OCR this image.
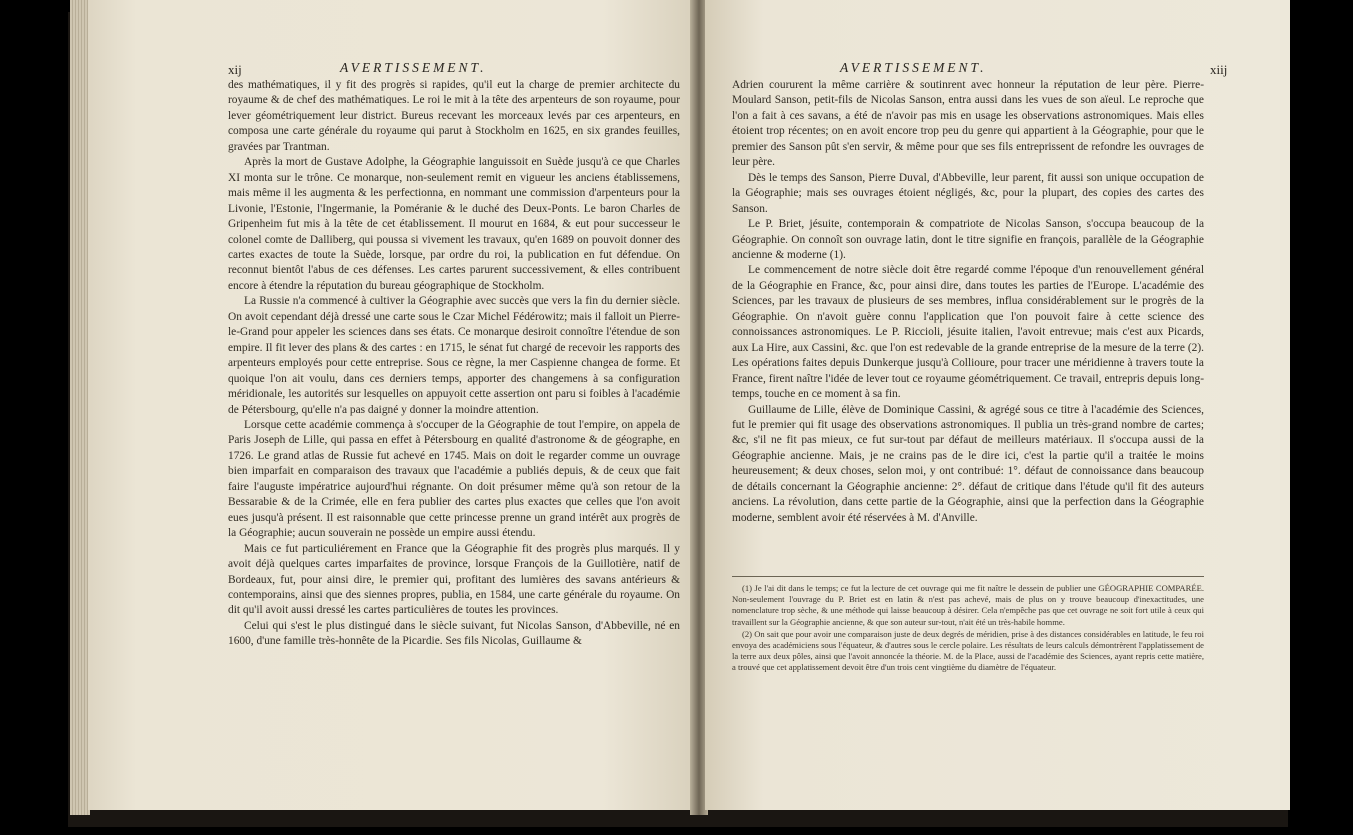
xij	AVERTISSEMENT.

des mathématiques, il y fit des progrès si rapides, qu'il eut la charge de premier architecte du royaume & de chef des mathématiques. Le roi le mit à la tête des arpenteurs de son royaume, pour lever géométriquement leur district. Bureus recevant les morceaux levés par ces arpenteurs, en composa une carte générale du royaume qui parut à Stockholm en 1625, en six grandes feuilles, gravées par Trantman.

Après la mort de Gustave Adolphe, la Géographie languissoit en Suède jusqu'à ce que Charles XI monta sur le trône. Ce monarque, non-seulement remit en vigueur les anciens établissemens, mais même il les augmenta & les perfectionna, en nommant une commission d'arpenteurs pour la Livonie, l'Estonie, l'Ingermanie, la Poméranie & le duché des Deux-Ponts. Le baron Charles de Gripenheim fut mis à la tête de cet établissement. Il mourut en 1684, & eut pour successeur le colonel comte de Dalliberg, qui poussa si vivement les travaux, qu'en 1689 on pouvoit donner des cartes exactes de toute la Suède, lorsque, par ordre du roi, la publication en fut défendue. On reconnut bientôt l'abus de ces défenses. Les cartes parurent successivement, & elles contribuent encore à étendre la réputation du bureau géographique de Stockholm.

La Russie n'a commencé à cultiver la Géographie avec succès que vers la fin du dernier siècle. On avoit cependant déjà dressé une carte sous le Czar Michel Fédérowitz; mais il falloit un Pierre-le-Grand pour appeler les sciences dans ses états. Ce monarque desiroit connoître l'étendue de son empire. Il fit lever des plans & des cartes : en 1715, le sénat fut chargé de recevoir les rapports des arpenteurs employés pour cette entreprise. Sous ce règne, la mer Caspienne changea de forme. Et quoique l'on ait voulu, dans ces derniers temps, apporter des changemens à sa configuration méridionale, les autorités sur lesquelles on appuyoit cette assertion ont paru si foibles à l'académie de Pétersbourg, qu'elle n'a pas daigné y donner la moindre attention.

Lorsque cette académie commença à s'occuper de la Géographie de tout l'empire, on appela de Paris Joseph de Lille, qui passa en effet à Pétersbourg en qualité d'astronome & de géographe, en 1726. Le grand atlas de Russie fut achevé en 1745. Mais on doit le regarder comme un ouvrage bien imparfait en comparaison des travaux que l'académie a publiés depuis, & de ceux que fait faire l'auguste impératrice aujourd'hui régnante. On doit présumer même qu'à son retour de la Bessarabie & de la Crimée, elle en fera publier des cartes plus exactes que celles que l'on avoit eues jusqu'à présent. Il est raisonnable que cette princesse prenne un grand intérêt aux progrès de la Géographie; aucun souverain ne possède un empire aussi étendu.

Mais ce fut particuliérement en France que la Géographie fit des progrès plus marqués. Il y avoit déjà quelques cartes imparfaites de province, lorsque François de la Guillotière, natif de Bordeaux, fut, pour ainsi dire, le premier qui, profitant des lumières des savans antérieurs & contemporains, ainsi que des siennes propres, publia, en 1584, une carte générale du royaume. On dit qu'il avoit aussi dressé les cartes particulières de toutes les provinces.

Celui qui s'est le plus distingué dans le siècle suivant, fut Nicolas Sanson, d'Abbeville, né en 1600, d'une famille très-honnête de la Picardie. Ses fils Nicolas, Guillaume &

AVERTISSEMENT.	xiij

Adrien coururent la même carrière & soutinrent avec honneur la réputation de leur père. Pierre-Moulard Sanson, petit-fils de Nicolas Sanson, entra aussi dans les vues de son aïeul. Le reproche que l'on a fait à ces savans, a été de n'avoir pas mis en usage les observations astronomiques. Mais elles étoient trop récentes; on en avoit encore trop peu du genre qui appartient à la Géographie, pour que le premier des Sanson pût s'en servir, & même pour que ses fils entreprissent de refondre les ouvrages de leur père.

Dès le temps des Sanson, Pierre Duval, d'Abbeville, leur parent, fit aussi son unique occupation de la Géographie; mais ses ouvrages étoient négligés, &c, pour la plupart, des copies des cartes des Sanson.

Le P. Briet, jésuite, contemporain & compatriote de Nicolas Sanson, s'occupa beaucoup de la Géographie. On connoît son ouvrage latin, dont le titre signifie en françois, parallèle de la Géographie ancienne & moderne (1).

Le commencement de notre siècle doit être regardé comme l'époque d'un renouvellement général de la Géographie en France, &c, pour ainsi dire, dans toutes les parties de l'Europe. L'académie des Sciences, par les travaux de plusieurs de ses membres, influa considérablement sur le progrès de la Géographie. On n'avoit guère connu l'application que l'on pouvoit faire à cette science des connoissances astronomiques. Le P. Riccioli, jésuite italien, l'avoit entrevue; mais c'est aux Picards, aux La Hire, aux Cassini, &c. que l'on est redevable de la grande entreprise de la mesure de la terre (2). Les opérations faites depuis Dunkerque jusqu'à Collioure, pour tracer une méridienne à travers toute la France, firent naître l'idée de lever tout ce royaume géométriquement. Ce travail, entrepris depuis long-temps, touche en ce moment à sa fin.

Guillaume de Lille, élève de Dominique Cassini, & agrégé sous ce titre à l'académie des Sciences, fut le premier qui fit usage des observations astronomiques. Il publia un très-grand nombre de cartes; &c, s'il ne fit pas mieux, ce fut sur-tout par défaut de meilleurs matériaux. Il s'occupa aussi de la Géographie ancienne. Mais, je ne crains pas de le dire ici, c'est la partie qu'il a traitée le moins heureusement; & deux choses, selon moi, y ont contribué: 1°. défaut de connoissance dans beaucoup de détails concernant la Géographie ancienne: 2°. défaut de critique dans l'étude qu'il fit des auteurs anciens. La révolution, dans cette partie de la Géographie, ainsi que la perfection dans la Géographie moderne, semblent avoir été réservées à M. d'Anville.

(1) Je l'ai dit dans le temps; ce fut la lecture de cet ouvrage qui me fit naître le dessein de publier une GÉOGRAPHIE COMPARÉE. Non-seulement l'ouvrage du P. Briet est en latin & n'est pas achevé, mais de plus on y trouve beaucoup d'inexactitudes, une nomenclature trop sèche, & une méthode qui laisse beaucoup à désirer. Cela n'empêche pas que cet ouvrage ne soit fort utile à ceux qui travaillent sur la Géographie ancienne, & que son auteur sur-tout, n'ait été un très-habile homme.

(2) On sait que pour avoir une comparaison juste de deux degrés de méridien, prise à des distances considérables en latitude, le feu roi envoya des académiciens sous l'équateur, & d'autres sous le cercle polaire. Les résultats de leurs calculs démontrèrent l'applatissement de la terre aux deux pôles, ainsi que l'avoit annoncée la théorie. M. de la Place, aussi de l'académie des Sciences, ayant repris cette matière, a trouvé que cet applatissement devoit être d'un trois cent vingtième du diamètre de l'équateur.
